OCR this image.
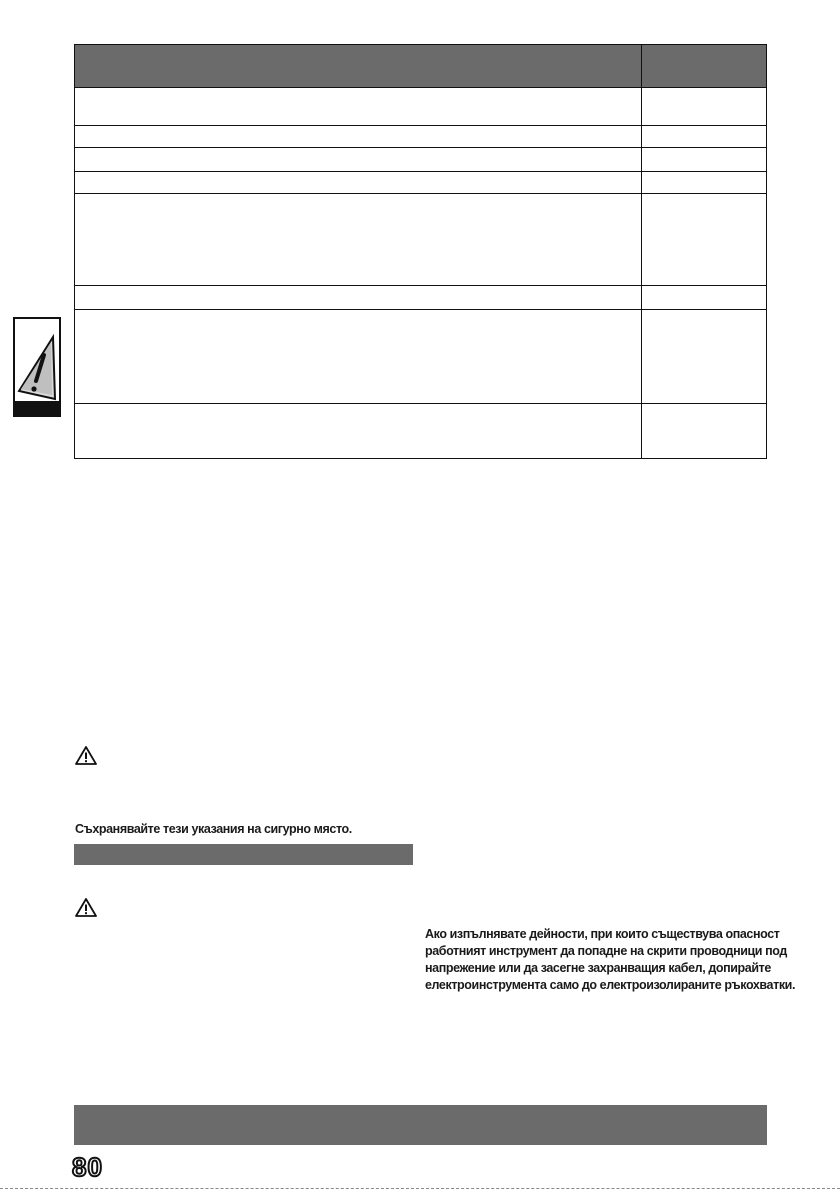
Съхранявайте тези указания на сигурно място.
Ако изпълнявате дейности, при които съществува опасност
работният инструмент да попадне на скрити проводници под
напрежение или да засегне захранващия кабел, допирайте
електроинструмента само до електроизолираните ръкохватки.
80
